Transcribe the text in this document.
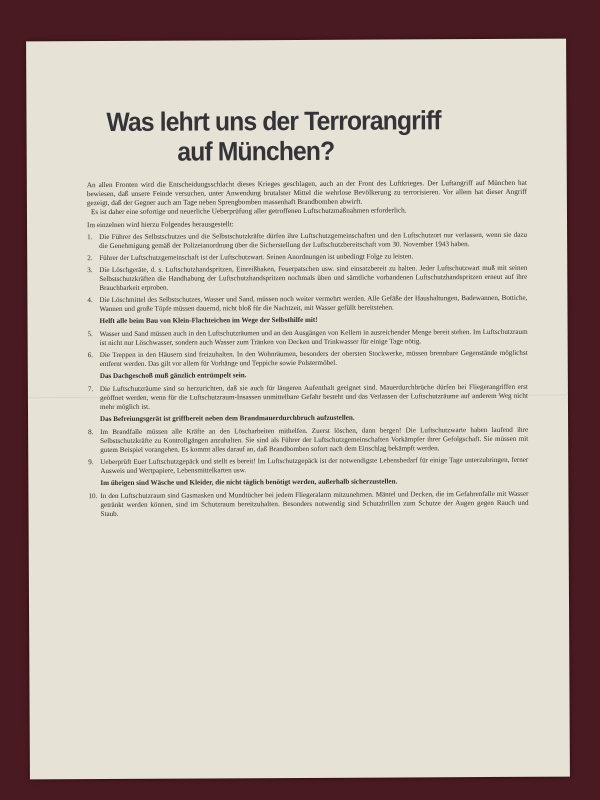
Was lehrt uns der Terrorangriff
auf München?

An allen Fronten wird die Entscheidungsschlacht dieses Krieges geschlagen, auch an der Front des Luftkrieges. Der Luftangriff auf München hat bewiesen, daß unsere Feinde versuchen, unter Anwendung brutalster Mittel die wehrlose Bevölkerung zu terrorisieren. Vor allem hat dieser Angriff gezeigt, daß der Gegner auch am Tage neben Sprengbomben massenhaft Brandbomben abwirft.

Es ist daher eine sofortige und neuerliche Ueberprüfung aller getroffenen Luftschutzmaßnahmen erforderlich.

Im einzelnen wird hierzu Folgendes herausgestellt:
1. Die Führer des Selbstschutzes und die Selbstschutzkräfte dürfen ihre Luftschutzgemeinschaften und den Luftschutzort nur verlassen, wenn sie dazu die Genehmigung gemäß der Polizeianordnung über die Sicherstellung der Luftschutzbereitschaft vom 30. November 1943 haben.
2. Führer der Luftschutzgemeinschaft ist der Luftschutzwart. Seinen Anordnungen ist unbedingt Folge zu leisten.
3. Die Löschgeräte, d. s. Luftschutzhandspritzen, Einreißhaken, Feuerpatschen usw. sind einsatzbereit zu halten. Jeder Luftschutzwart muß mit seinen Selbstschutzkräften die Handhabung der Luftschutzhandspritzen nochmals üben und sämtliche vorhandenen Luftschutzhandspritzen erneut auf ihre Brauchbarkeit erproben.
4. Die Löschmittel des Selbstschutzes, Wasser und Sand, müssen noch weiter vermehrt werden. Alle Gefäße der Haushaltungen, Badewannen, Bottiche, Wannen und große Töpfe müssen dauernd, nicht bloß für die Nachtzeit, mit Wasser gefüllt bereitstehen.
Helft alle beim Bau von Klein-Flachteichen im Wege der Selbsthilfe mit!
5. Wasser und Sand müssen auch in den Luftschutzräumen und an den Ausgängen von Kellern in ausreichender Menge bereit stehen. Im Luftschutzraum ist nicht nur Löschwasser, sondern auch Wasser zum Tränken von Decken und Trinkwasser für einige Tage nötig.
6. Die Treppen in den Häusern sind freizuhalten. In den Wohnräumen, besonders der obersten Stockwerke, müssen brennbare Gegenstände möglichst entfernt werden. Das gilt vor allem für Vorhänge und Teppiche sowie Polstermöbel.
Das Dachgeschoß muß gänzlich entrümpelt sein.
7. Die Luftschutzräume sind so herzurichten, daß sie auch für längeren Aufenthalt geeignet sind. Mauerdurchbrüche dürfen bei Fliegerangriffen erst geöffnet werden, wenn für die Luftschutzraum-Insassen unmittelbare Gefahr besteht und das Verlassen der Luftschutzräume auf anderem Weg nicht mehr möglich ist.
Das Befreiungsgerät ist griffbereit neben dem Brandmauerdurchbruch aufzustellen.
8. Im Brandfalle müssen alle Kräfte an den Löscharbeiten mithelfen. Zuerst löschen, dann bergen! Die Luftschutzwarte haben laufend ihre Selbstschutzkräfte zu Kontrollgängen anzuhalten. Sie sind als Führer der Luftschutzgemeinschaften Vorkämpfer ihrer Gefolgschaft. Sie müssen mit gutem Beispiel vorangehen. Es kommt alles darauf an, daß Brandbomben sofort nach dem Einschlag bekämpft werden.
9. Ueberprüft Euer Luftschutzgepäck und stellt es bereit! Im Luftschutzgepäck ist der notwendigste Lebensbedarf für einige Tage unterzubringen, ferner Ausweis und Wertpapiere, Lebensmittelkarten usw.
Im übrigen sind Wäsche und Kleider, die nicht täglich benötigt werden, außerhalb sicherzustellen.
10. In den Luftschutzraum sind Gasmasken und Mundtücher bei jedem Fliegeralarm mitzunehmen. Mäntel und Decken, die im Gefahrenfalle mit Wasser getränkt werden können, sind im Schutzraum bereitzuhalten. Besonders notwendig sind Schutzbrillen zum Schutze der Augen gegen Rauch und Staub.
